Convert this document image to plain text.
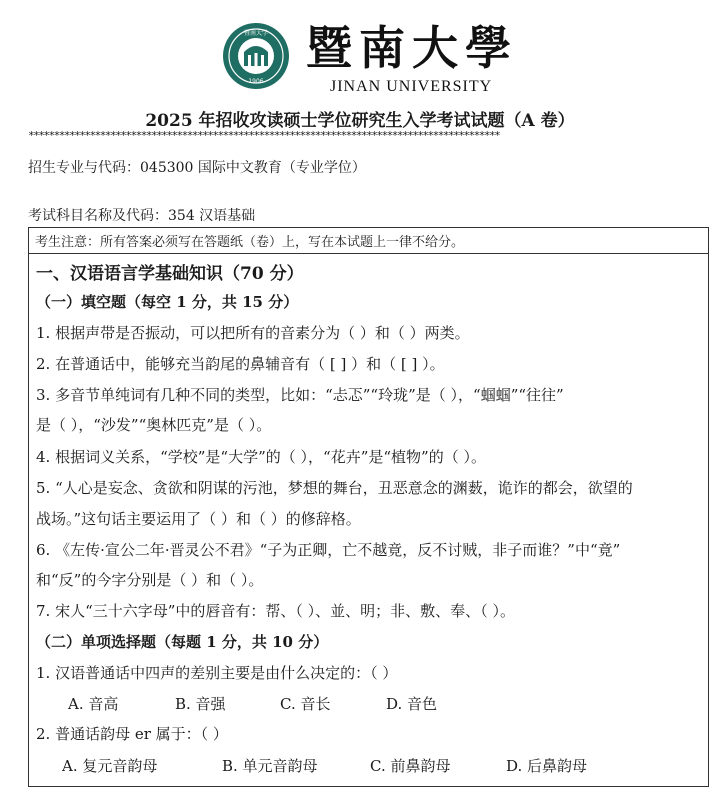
暨南大学
1906
暨南大學
JINAN UNIVERSITY
2025 年招收攻读硕士学位研究生入学考试试题（A 卷）
********************************************************************************************
招生专业与代码：045300 国际中文教育（专业学位）
考试科目名称及代码：354 汉语基础
考生注意：所有答案必须写在答题纸（卷）上，写在本试题上一律不给分。
一、汉语语言学基础知识（70 分）
（一）填空题（每空 1 分，共 15 分）
1. 根据声带是否振动，可以把所有的音素分为（ ）和（ ）两类。
2. 在普通话中，能够充当韵尾的鼻辅音有（ [ ] ）和（ [ ] ）。
3. 多音节单纯词有几种不同的类型，比如：“忐忑”“玲珑”是（ ），“蝈蝈”“往往”
是（ ），“沙发”“奥林匹克”是（ ）。
4. 根据词义关系，“学校”是“大学”的（ ），“花卉”是“植物”的（ ）。
5. “人心是妄念、贪欲和阴谋的污池，梦想的舞台，丑恶意念的渊薮，诡诈的都会，欲望的
战场。”这句话主要运用了（ ）和（ ）的修辞格。
6. 《左传·宣公二年·晋灵公不君》“子为正卿，亡不越竟，反不讨贼，非子而谁？”中“竟”
和“反”的今字分别是（ ）和（ ）。
7. 宋人“三十六字母”中的唇音有：帮、（ ）、並、明；非、敷、奉、（ ）。
（二）单项选择题（每题 1 分，共 10 分）
1. 汉语普通话中四声的差别主要是由什么决定的：（ ）
A. 音高	B. 音强	C. 音长	D. 音色
2. 普通话韵母 er 属于：（ ）
A. 复元音韵母	B. 单元音韵母	C. 前鼻韵母	D. 后鼻韵母
